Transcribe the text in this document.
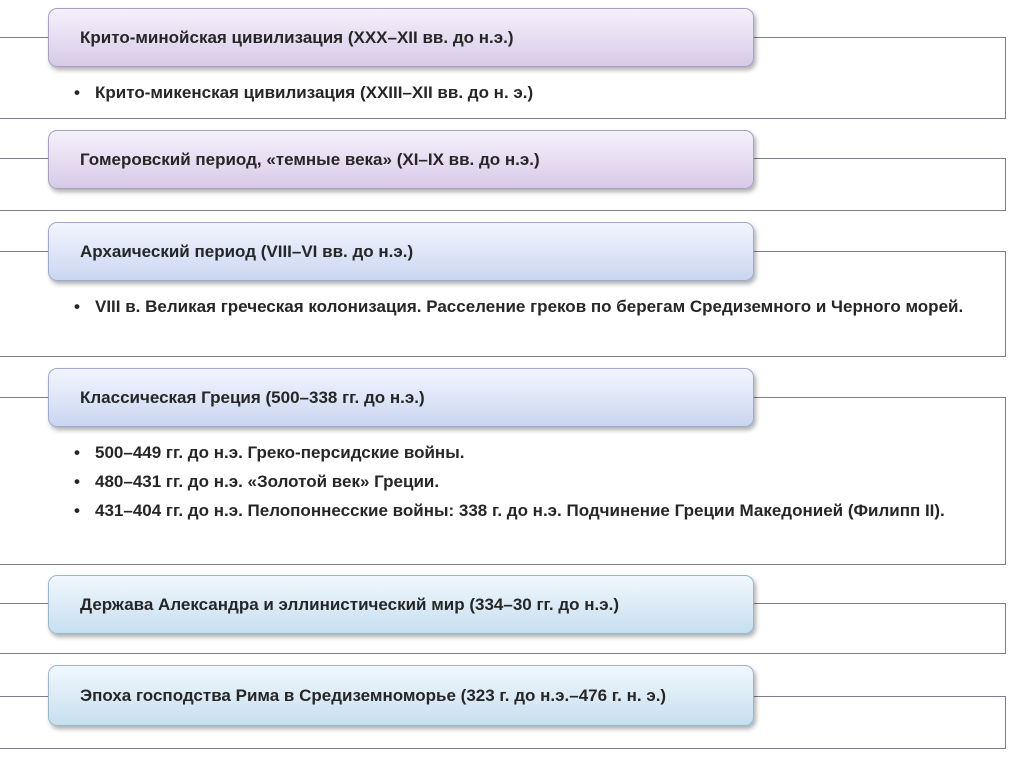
• Крито-микенская цивилизация (XXIII–XII вв. до н. э.)
Крито-минойская цивилизация (XXX–XII вв. до н.э.)
Гомеровский период, «темные века» (XI–IX вв. до н.э.)
• VIII в. Великая греческая колонизация. Расселение греков по берегам Средиземного и Черного морей.
Архаический период (VIII–VI вв. до н.э.)
• 500–449 гг. до н.э. Греко-персидские войны.
• 480–431 гг. до н.э. «Золотой век» Греции.
• 431–404 гг. до н.э. Пелопоннесские войны: 338 г. до н.э. Подчинение Греции Македонией (Филипп II).
Классическая Греция (500–338 гг. до н.э.)
Держава Александра и эллинистический мир (334–30 гг. до н.э.)
Эпоха господства Рима в Средиземноморье (323 г. до н.э.–476 г. н. э.)
